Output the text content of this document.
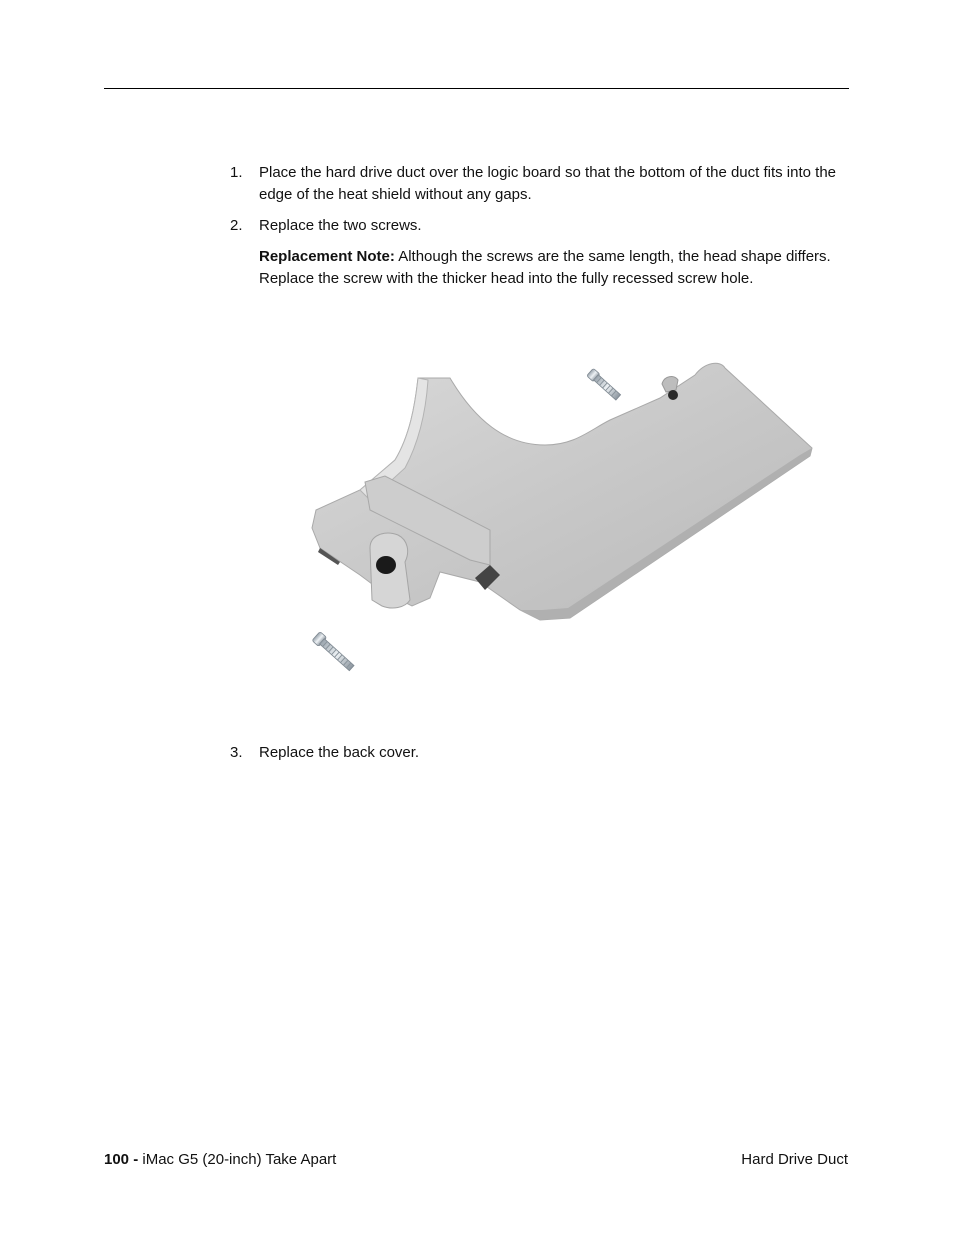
1.	Place the hard drive duct over the logic board so that the bottom of the duct fits into the edge of the heat shield without any gaps.
2.	Replace the two screws.
Replacement Note: Although the screws are the same length, the head shape differs. Replace the screw with the thicker head into the fully recessed screw hole.
3.	Replace the back cover.
100 - iMac G5 (20-inch) Take Apart	Hard Drive Duct
